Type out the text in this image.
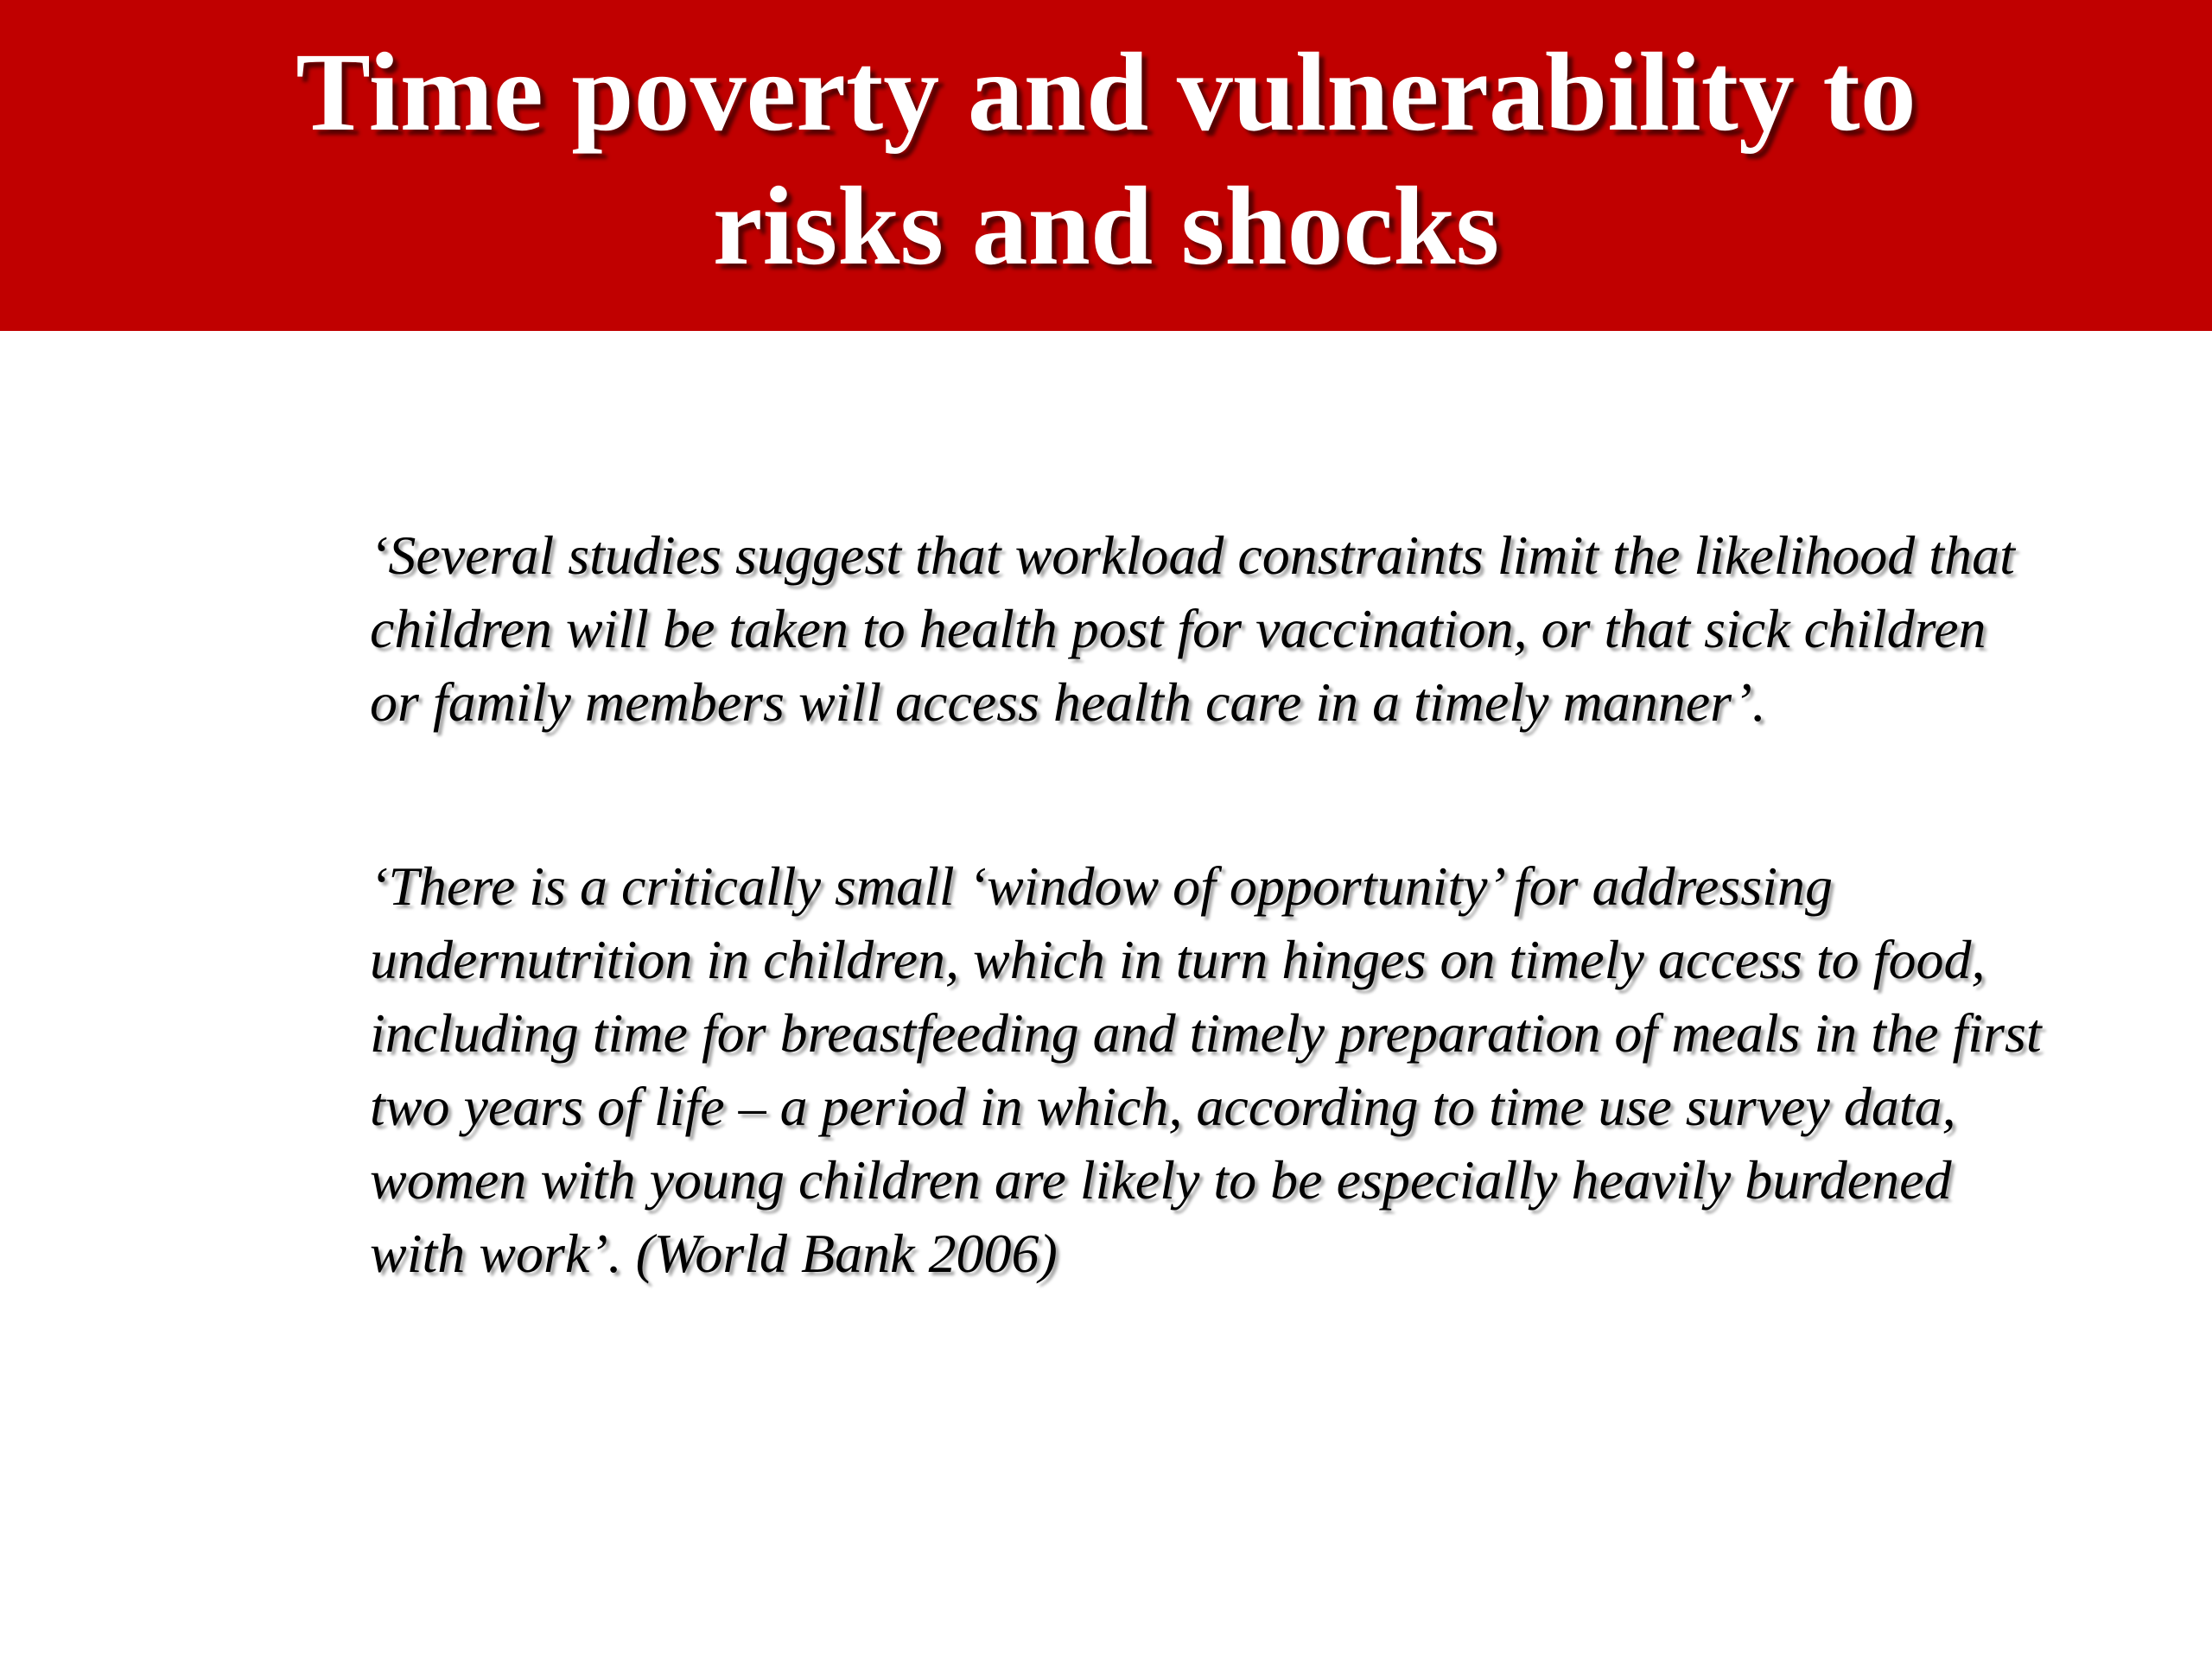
Time poverty and vulnerability to
risks and shocks

‘Several studies suggest that workload constraints limit the likelihood that children will be taken to health post for vaccination, or that sick children or family members will access health care in a timely manner’.

‘There is a critically small ‘window of opportunity’ for addressing undernutrition in children, which in turn hinges on timely access to food, including time for breastfeeding and timely preparation of meals in the first two years of life – a period in which, according to time use survey data, women with young children are likely to be especially heavily burdened with work’. (World Bank 2006)
